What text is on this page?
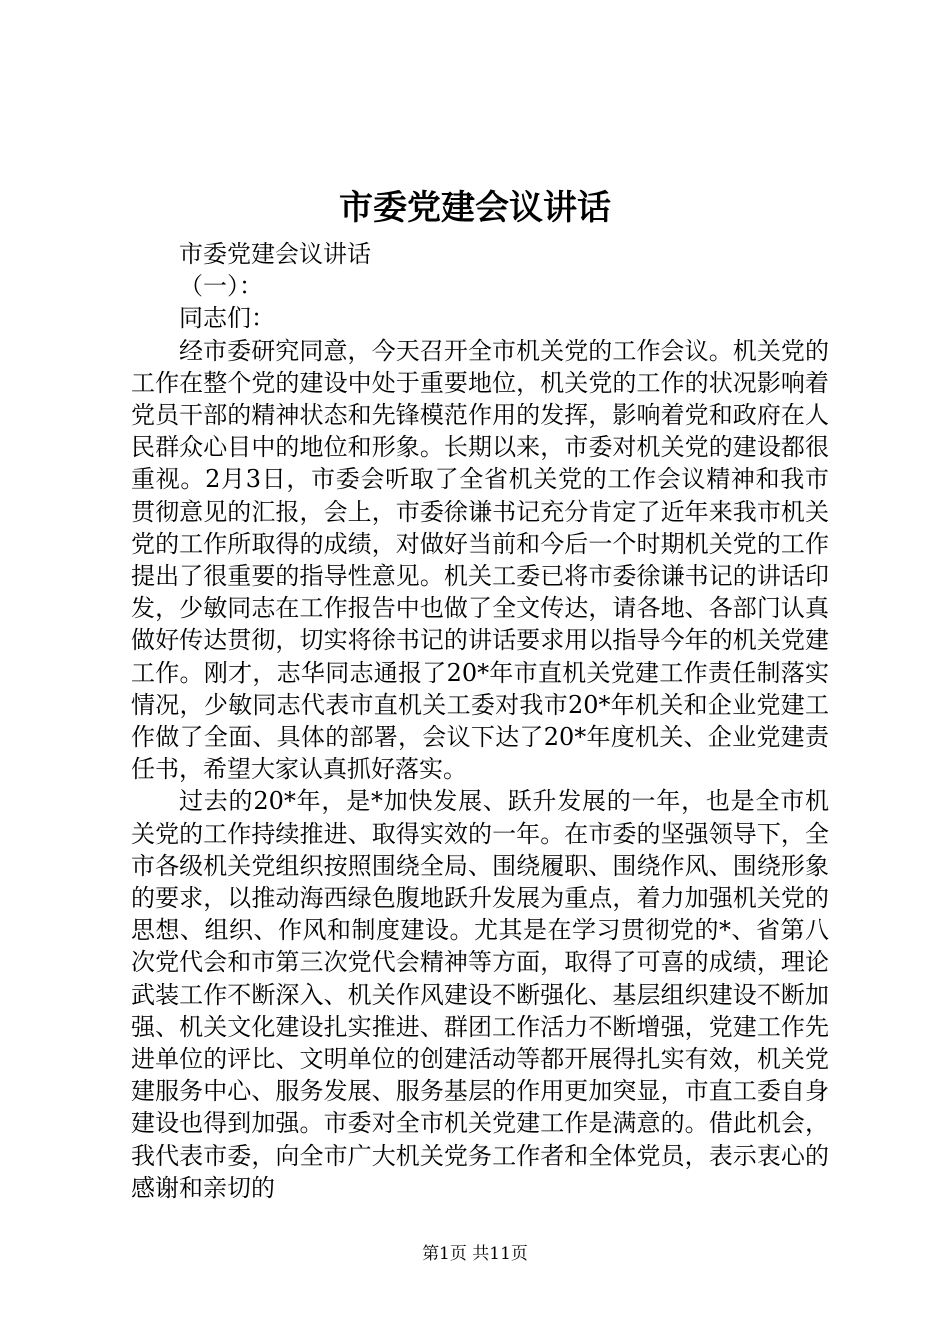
市委党建会议讲话

市委党建会议讲话

（一）：

同志们：

经市委研究同意，今天召开全市机关党的工作会议。机关党的工作在整个党的建设中处于重要地位，机关党的工作的状况影响着党员干部的精神状态和先锋模范作用的发挥，影响着党和政府在人民群众心目中的地位和形象。长期以来，市委对机关党的建设都很重视。2月3日，市委会听取了全省机关党的工作会议精神和我市贯彻意见的汇报，会上，市委徐谦书记充分肯定了近年来我市机关党的工作所取得的成绩，对做好当前和今后一个时期机关党的工作提出了很重要的指导性意见。机关工委已将市委徐谦书记的讲话印发，少敏同志在工作报告中也做了全文传达，请各地、各部门认真做好传达贯彻，切实将徐书记的讲话要求用以指导今年的机关党建工作。刚才，志华同志通报了20*年市直机关党建工作责任制落实情况，少敏同志代表市直机关工委对我市20*年机关和企业党建工作做了全面、具体的部署，会议下达了20*年度机关、企业党建责任书，希望大家认真抓好落实。

过去的20*年，是*加快发展、跃升发展的一年，也是全市机关党的工作持续推进、取得实效的一年。在市委的坚强领导下，全市各级机关党组织按照围绕全局、围绕履职、围绕作风、围绕形象的要求，以推动海西绿色腹地跃升发展为重点，着力加强机关党的思想、组织、作风和制度建设。尤其是在学习贯彻党的*、省第八次党代会和市第三次党代会精神等方面，取得了可喜的成绩，理论武装工作不断深入、机关作风建设不断强化、基层组织建设不断加强、机关文化建设扎实推进、群团工作活力不断增强，党建工作先进单位的评比、文明单位的创建活动等都开展得扎实有效，机关党建服务中心、服务发展、服务基层的作用更加突显，市直工委自身建设也得到加强。市委对全市机关党建工作是满意的。借此机会，我代表市委，向全市广大机关党务工作者和全体党员，表示衷心的感谢和亲切的

第1页 共11页
